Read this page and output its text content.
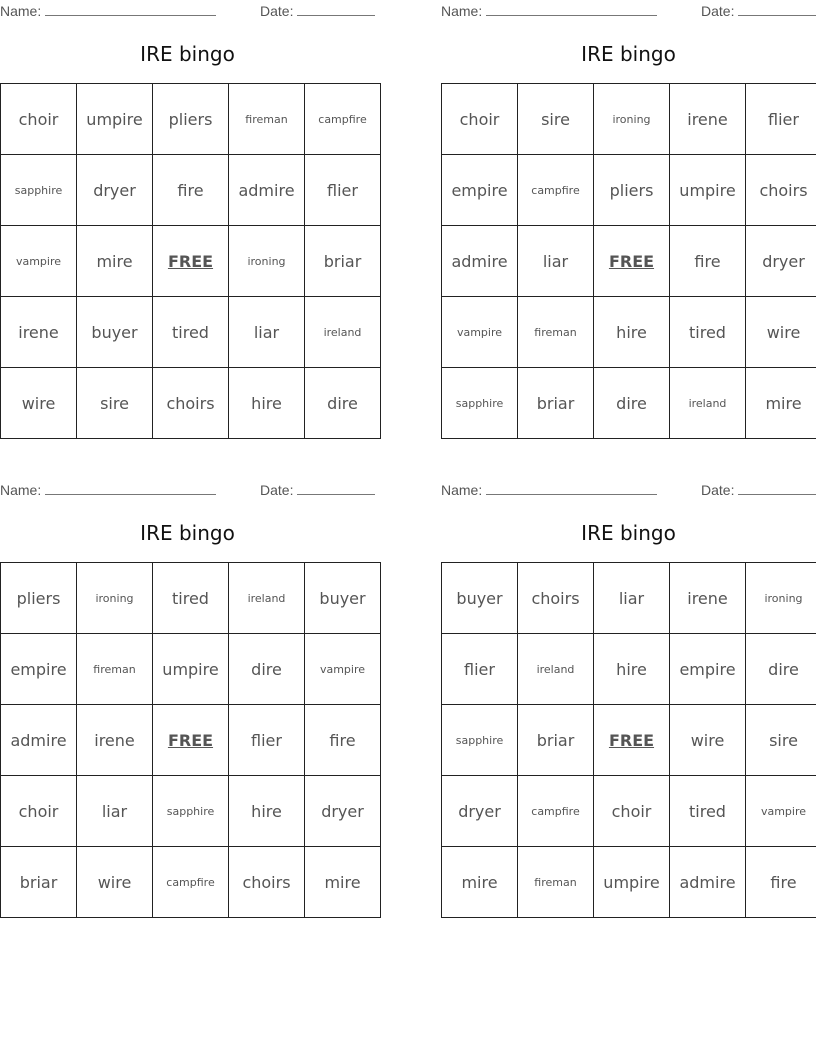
Name:	Date:
IRE bingo
choir	umpire	pliers	fireman	campfire
sapphire	dryer	fire	admire	flier
vampire	mire	FREE	ironing	briar
irene	buyer	tired	liar	ireland
wire	sire	choirs	hire	dire
Name:	Date:
IRE bingo
choir	sire	ironing	irene	flier
empire	campfire	pliers	umpire	choirs
admire	liar	FREE	fire	dryer
vampire	fireman	hire	tired	wire
sapphire	briar	dire	ireland	mire
Name:	Date:
IRE bingo
pliers	ironing	tired	ireland	buyer
empire	fireman	umpire	dire	vampire
admire	irene	FREE	flier	fire
choir	liar	sapphire	hire	dryer
briar	wire	campfire	choirs	mire
Name:	Date:
IRE bingo
buyer	choirs	liar	irene	ironing
flier	ireland	hire	empire	dire
sapphire	briar	FREE	wire	sire
dryer	campfire	choir	tired	vampire
mire	fireman	umpire	admire	fire
